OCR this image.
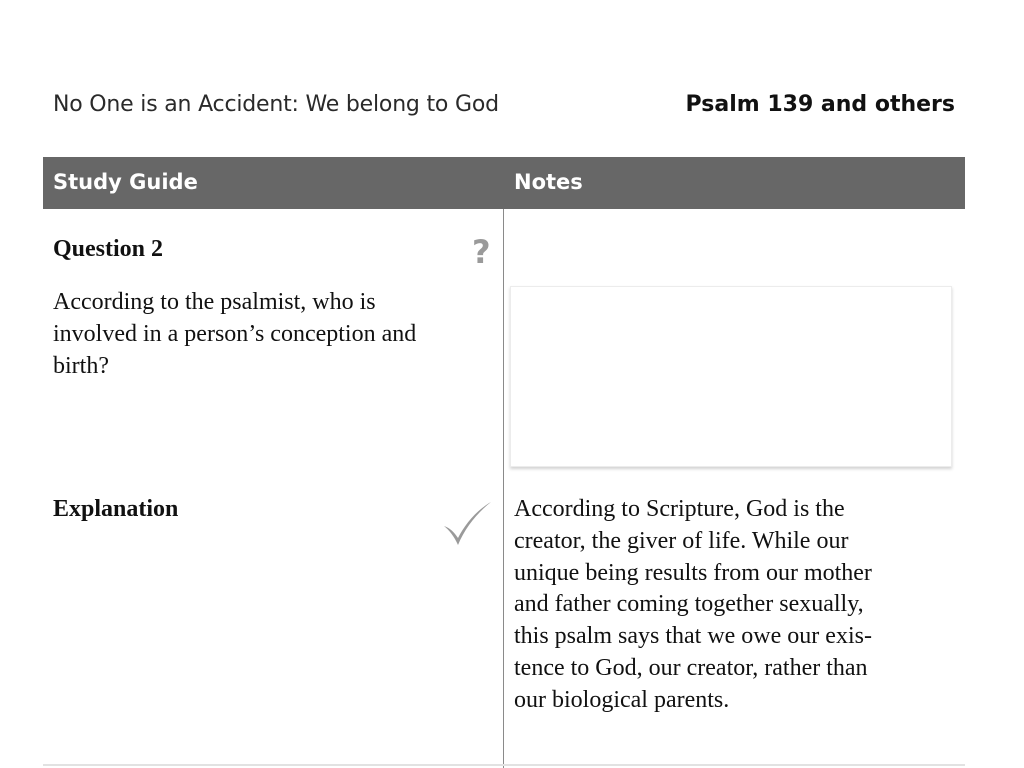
No One is an Accident: We belong to God	Psalm 139 and others
Study Guide	Notes
Question 2	?
According to the psalmist, who is involved in a person’s conception and birth?
Explanation	According to Scripture, God is the
creator, the giver of life. While our
unique being results from our mother
and father coming together sexually,
this psalm says that we owe our exis-
tence to God, our creator, rather than
our biological parents.
